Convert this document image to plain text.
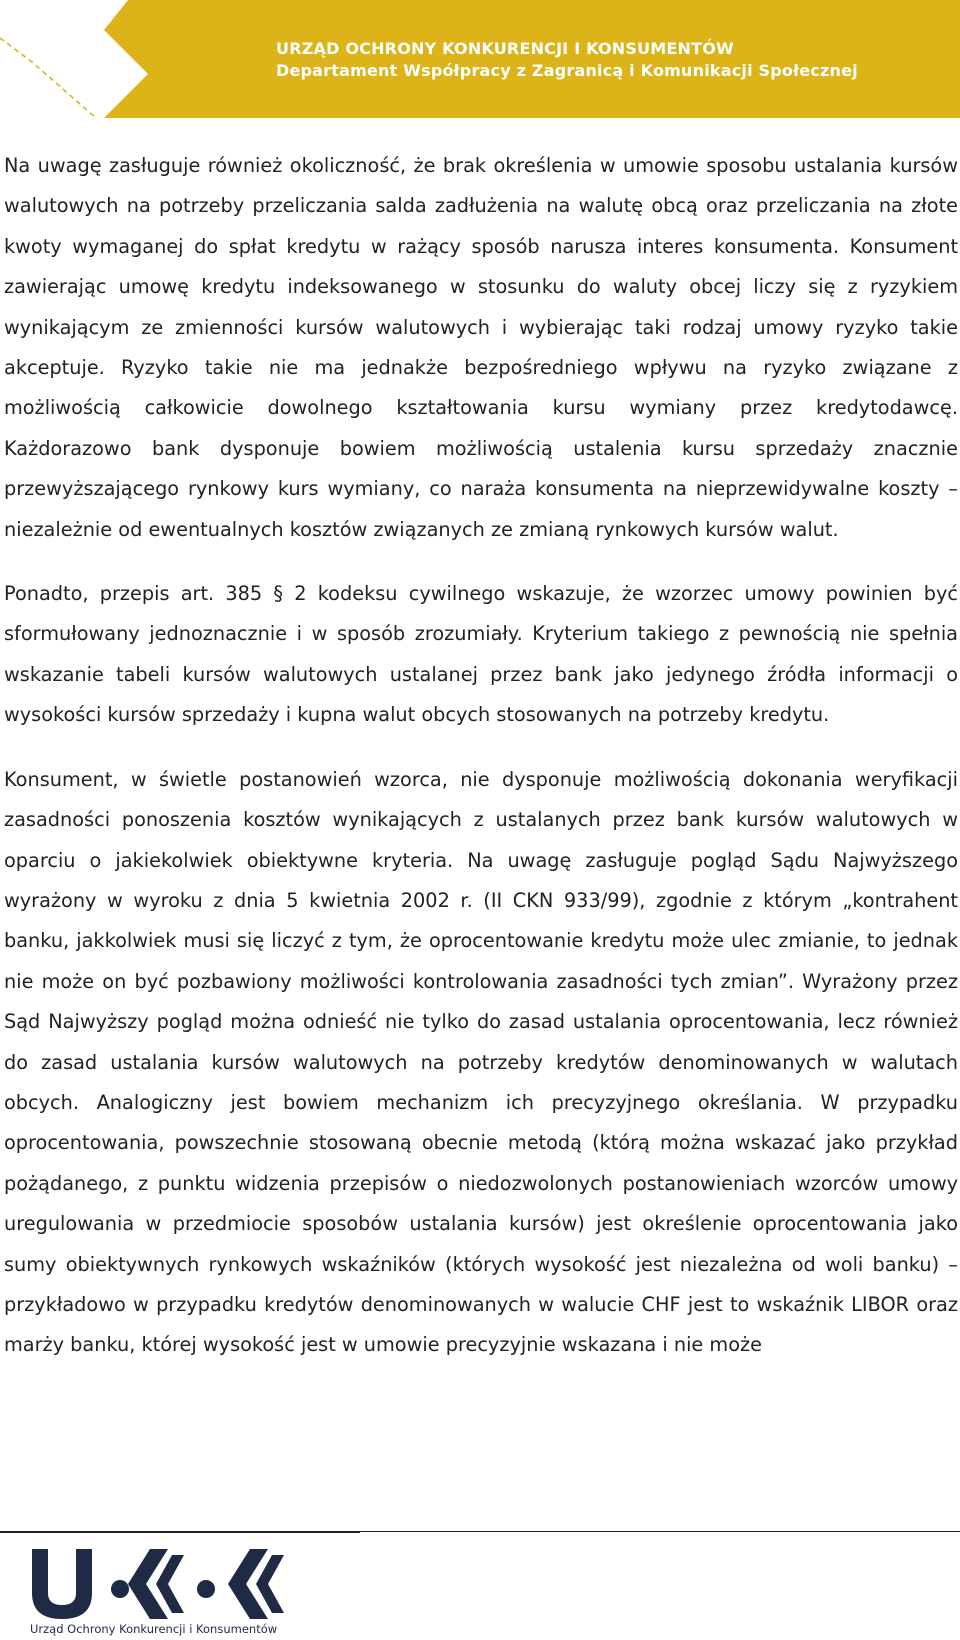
URZĄD OCHRONY KONKURENCJI I KONSUMENTÓW
Departament Współpracy z Zagranicą i Komunikacji Społecznej

Na uwagę zasługuje również okoliczność, że brak określenia w umowie sposobu ustalania kursów walutowych na potrzeby przeliczania salda zadłużenia na walutę obcą oraz przeliczania na złote kwoty wymaganej do spłat kredytu w rażący sposób narusza interes konsumenta. Konsument zawierając umowę kredytu indeksowanego w stosunku do waluty obcej liczy się z ryzykiem wynikającym ze zmienności kursów walutowych i wybierając taki rodzaj umowy ryzyko takie akceptuje. Ryzyko takie nie ma jednakże bezpośredniego wpływu na ryzyko związane z możliwością całkowicie dowolnego kształtowania kursu wymiany przez kredytodawcę. Każdorazowo bank dysponuje bowiem możliwością ustalenia kursu sprzedaży znacznie przewyższającego rynkowy kurs wymiany, co naraża konsumenta na nieprzewidywalne koszty – niezależnie od ewentualnych kosztów związanych ze zmianą rynkowych kursów walut.

Ponadto, przepis art. 385 § 2 kodeksu cywilnego wskazuje, że wzorzec umowy powinien być sformułowany jednoznacznie i w sposób zrozumiały. Kryterium takiego z pewnością nie spełnia wskazanie tabeli kursów walutowych ustalanej przez bank jako jedynego źródła informacji o wysokości kursów sprzedaży i kupna walut obcych stosowanych na potrzeby kredytu.

Konsument, w świetle postanowień wzorca, nie dysponuje możliwością dokonania weryfikacji zasadności ponoszenia kosztów wynikających z ustalanych przez bank kursów walutowych w oparciu o jakiekolwiek obiektywne kryteria. Na uwagę zasługuje pogląd Sądu Najwyższego wyrażony w wyroku z dnia 5 kwietnia 2002 r. (II CKN 933/99), zgodnie z którym „kontrahent banku, jakkolwiek musi się liczyć z tym, że oprocentowanie kredytu może ulec zmianie, to jednak nie może on być pozbawiony możliwości kontrolowania zasadności tych zmian”. Wyrażony przez Sąd Najwyższy pogląd można odnieść nie tylko do zasad ustalania oprocentowania, lecz również do zasad ustalania kursów walutowych na potrzeby kredytów denominowanych w walutach obcych. Analogiczny jest bowiem mechanizm ich precyzyjnego określania. W przypadku oprocentowania, powszechnie stosowaną obecnie metodą (którą można wskazać jako przykład pożądanego, z punktu widzenia przepisów o niedozwolonych postanowieniach wzorców umowy uregulowania w przedmiocie sposobów ustalania kursów) jest określenie oprocentowania jako sumy obiektywnych rynkowych wskaźników (których wysokość jest niezależna od woli banku) – przykładowo w przypadku kredytów denominowanych w walucie CHF jest to wskaźnik LIBOR oraz marży banku, której wysokość jest w umowie precyzyjnie wskazana i nie może

Urząd Ochrony Konkurencji i Konsumentów
